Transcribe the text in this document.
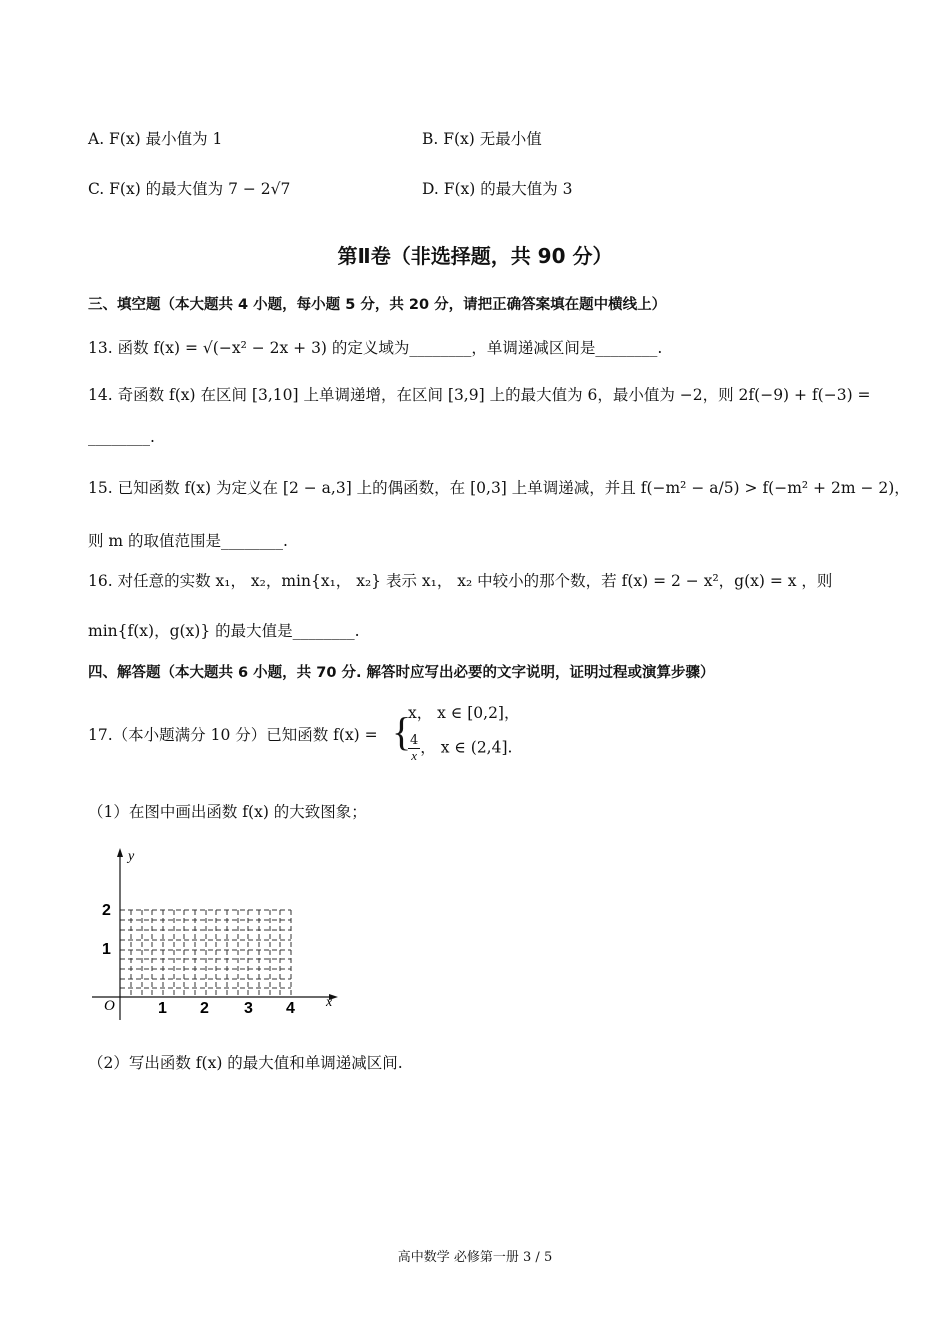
A. F(x) 最小值为 1	B. F(x) 无最小值
C. F(x) 的最大值为 7 − 2√7	D. F(x) 的最大值为 3
第Ⅱ卷（非选择题，共 90 分）
三、填空题（本大题共 4 小题，每小题 5 分，共 20 分，请把正确答案填在题中横线上）
13. 函数 f(x) = √(−x² − 2x + 3) 的定义域为________，单调递减区间是________.
14. 奇函数 f(x) 在区间 [3,10] 上单调递增，在区间 [3,9] 上的最大值为 6，最小值为 −2，则 2f(−9) + f(−3) =
________.
15. 已知函数 f(x) 为定义在 [2 − a,3] 上的偶函数，在 [0,3] 上单调递减，并且 f(−m² − a/5) > f(−m² + 2m − 2)，
则 m 的取值范围是________.
16. 对任意的实数 x₁， x₂，min{x₁， x₂} 表示 x₁， x₂ 中较小的那个数，若 f(x) = 2 − x²，g(x) = x ，则
min{f(x)，g(x)} 的最大值是________.
四、解答题（本大题共 6 小题，共 70 分. 解答时应写出必要的文字说明，证明过程或演算步骤）
17.（本小题满分 10 分）已知函数 f(x) = {
x， x ∈ [0,2]，
$\frac{4}{x}$ ， x ∈ (2,4].
（1）在图中画出函数 f(x) 的大致图象；
y
x
O	1 2 3 4
1
2
（2）写出函数 f(x) 的最大值和单调递减区间.
高中数学 必修第一册 3 / 5
